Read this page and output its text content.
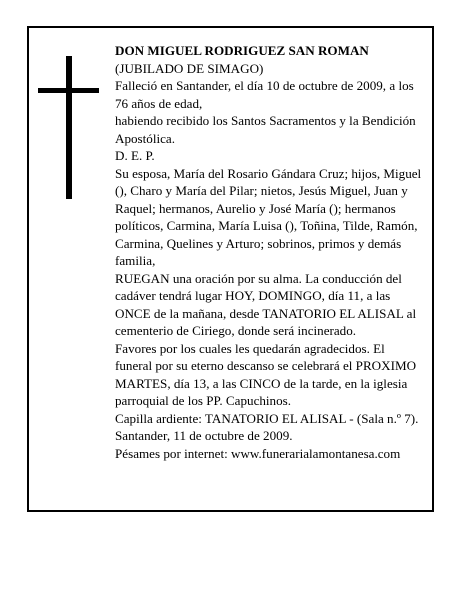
DON MIGUEL RODRIGUEZ SAN ROMAN

(JUBILADO DE SIMAGO)

Falleció en Santander, el día 10 de octubre de 2009, a los 76 años de edad,

habiendo recibido los Santos Sacramentos y la Bendición Apostólica.

D. E. P.

Su esposa, María del Rosario Gándara Cruz; hijos, Miguel (), Charo y María del Pilar; nietos, Jesús Miguel, Juan y Raquel; hermanos, Aurelio y José María (); hermanos políticos, Carmina, María Luisa (), Toñina, Tilde, Ramón, Carmina, Quelines y Arturo; sobrinos, primos y demás familia,

RUEGAN una oración por su alma. La conducción del cadáver tendrá lugar HOY, DOMINGO, día 11, a las ONCE de la mañana, desde TANATORIO EL ALISAL al cementerio de Ciriego, donde será incinerado.

Favores por los cuales les quedarán agradecidos. El funeral por su eterno descanso se celebrará el PROXIMO MARTES, día 13, a las CINCO de la tarde, en la iglesia parroquial de los PP. Capuchinos.

Capilla ardiente: TANATORIO EL ALISAL - (Sala n.º 7).

Santander, 11 de octubre de 2009.

Pésames por internet: www.funerarialamontanesa.com
